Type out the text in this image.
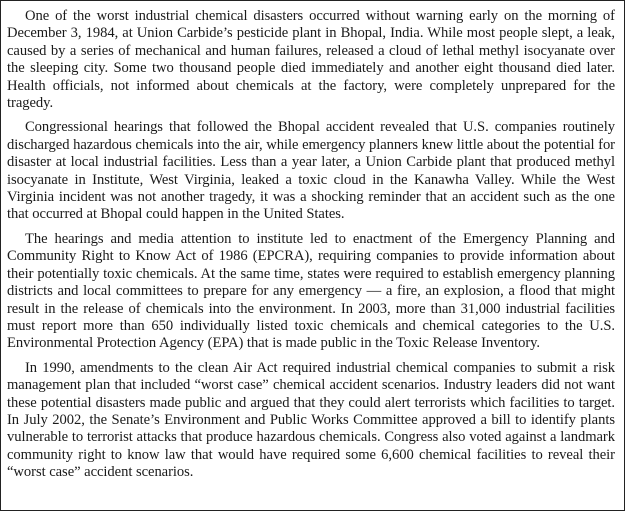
One of the worst industrial chemical disasters occurred without warning early on the morning of December 3, 1984, at Union Carbide’s pesticide plant in Bhopal, India. While most people slept, a leak, caused by a series of mechanical and human failures, released a cloud of lethal methyl isocyanate over the sleeping city. Some two thousand people died immediately and another eight thousand died later. Health officials, not informed about chemicals at the factory, were completely unprepared for the tragedy.

Congressional hearings that followed the Bhopal accident revealed that U.S. companies routinely discharged hazardous chemicals into the air, while emergency planners knew little about the potential for disaster at local industrial facilities. Less than a year later, a Union Carbide plant that produced methyl isocyanate in Institute, West Virginia, leaked a toxic cloud in the Kanawha Valley. While the West Virginia incident was not another tragedy, it was a shocking reminder that an accident such as the one that occurred at Bhopal could happen in the United States.

The hearings and media attention to institute led to enactment of the Emergency Planning and Community Right to Know Act of 1986 (EPCRA), requiring companies to provide information about their potentially toxic chemicals. At the same time, states were required to establish emergency planning districts and local committees to prepare for any emergency — a fire, an explosion, a flood that might result in the release of chemicals into the environment. In 2003, more than 31,000 industrial facilities must report more than 650 individually listed toxic chemicals and chemical categories to the U.S. Environmental Protection Agency (EPA) that is made public in the Toxic Release Inventory.

In 1990, amendments to the clean Air Act required industrial chemical companies to submit a risk management plan that included “worst case” chemical accident scenarios. Industry leaders did not want these potential disasters made public and argued that they could alert terrorists which facilities to target. In July 2002, the Senate’s Environment and Public Works Committee approved a bill to identify plants vulnerable to terrorist attacks that produce hazardous chemicals. Congress also voted against a landmark community right to know law that would have required some 6,600 chemical facilities to reveal their “worst case” accident scenarios.
